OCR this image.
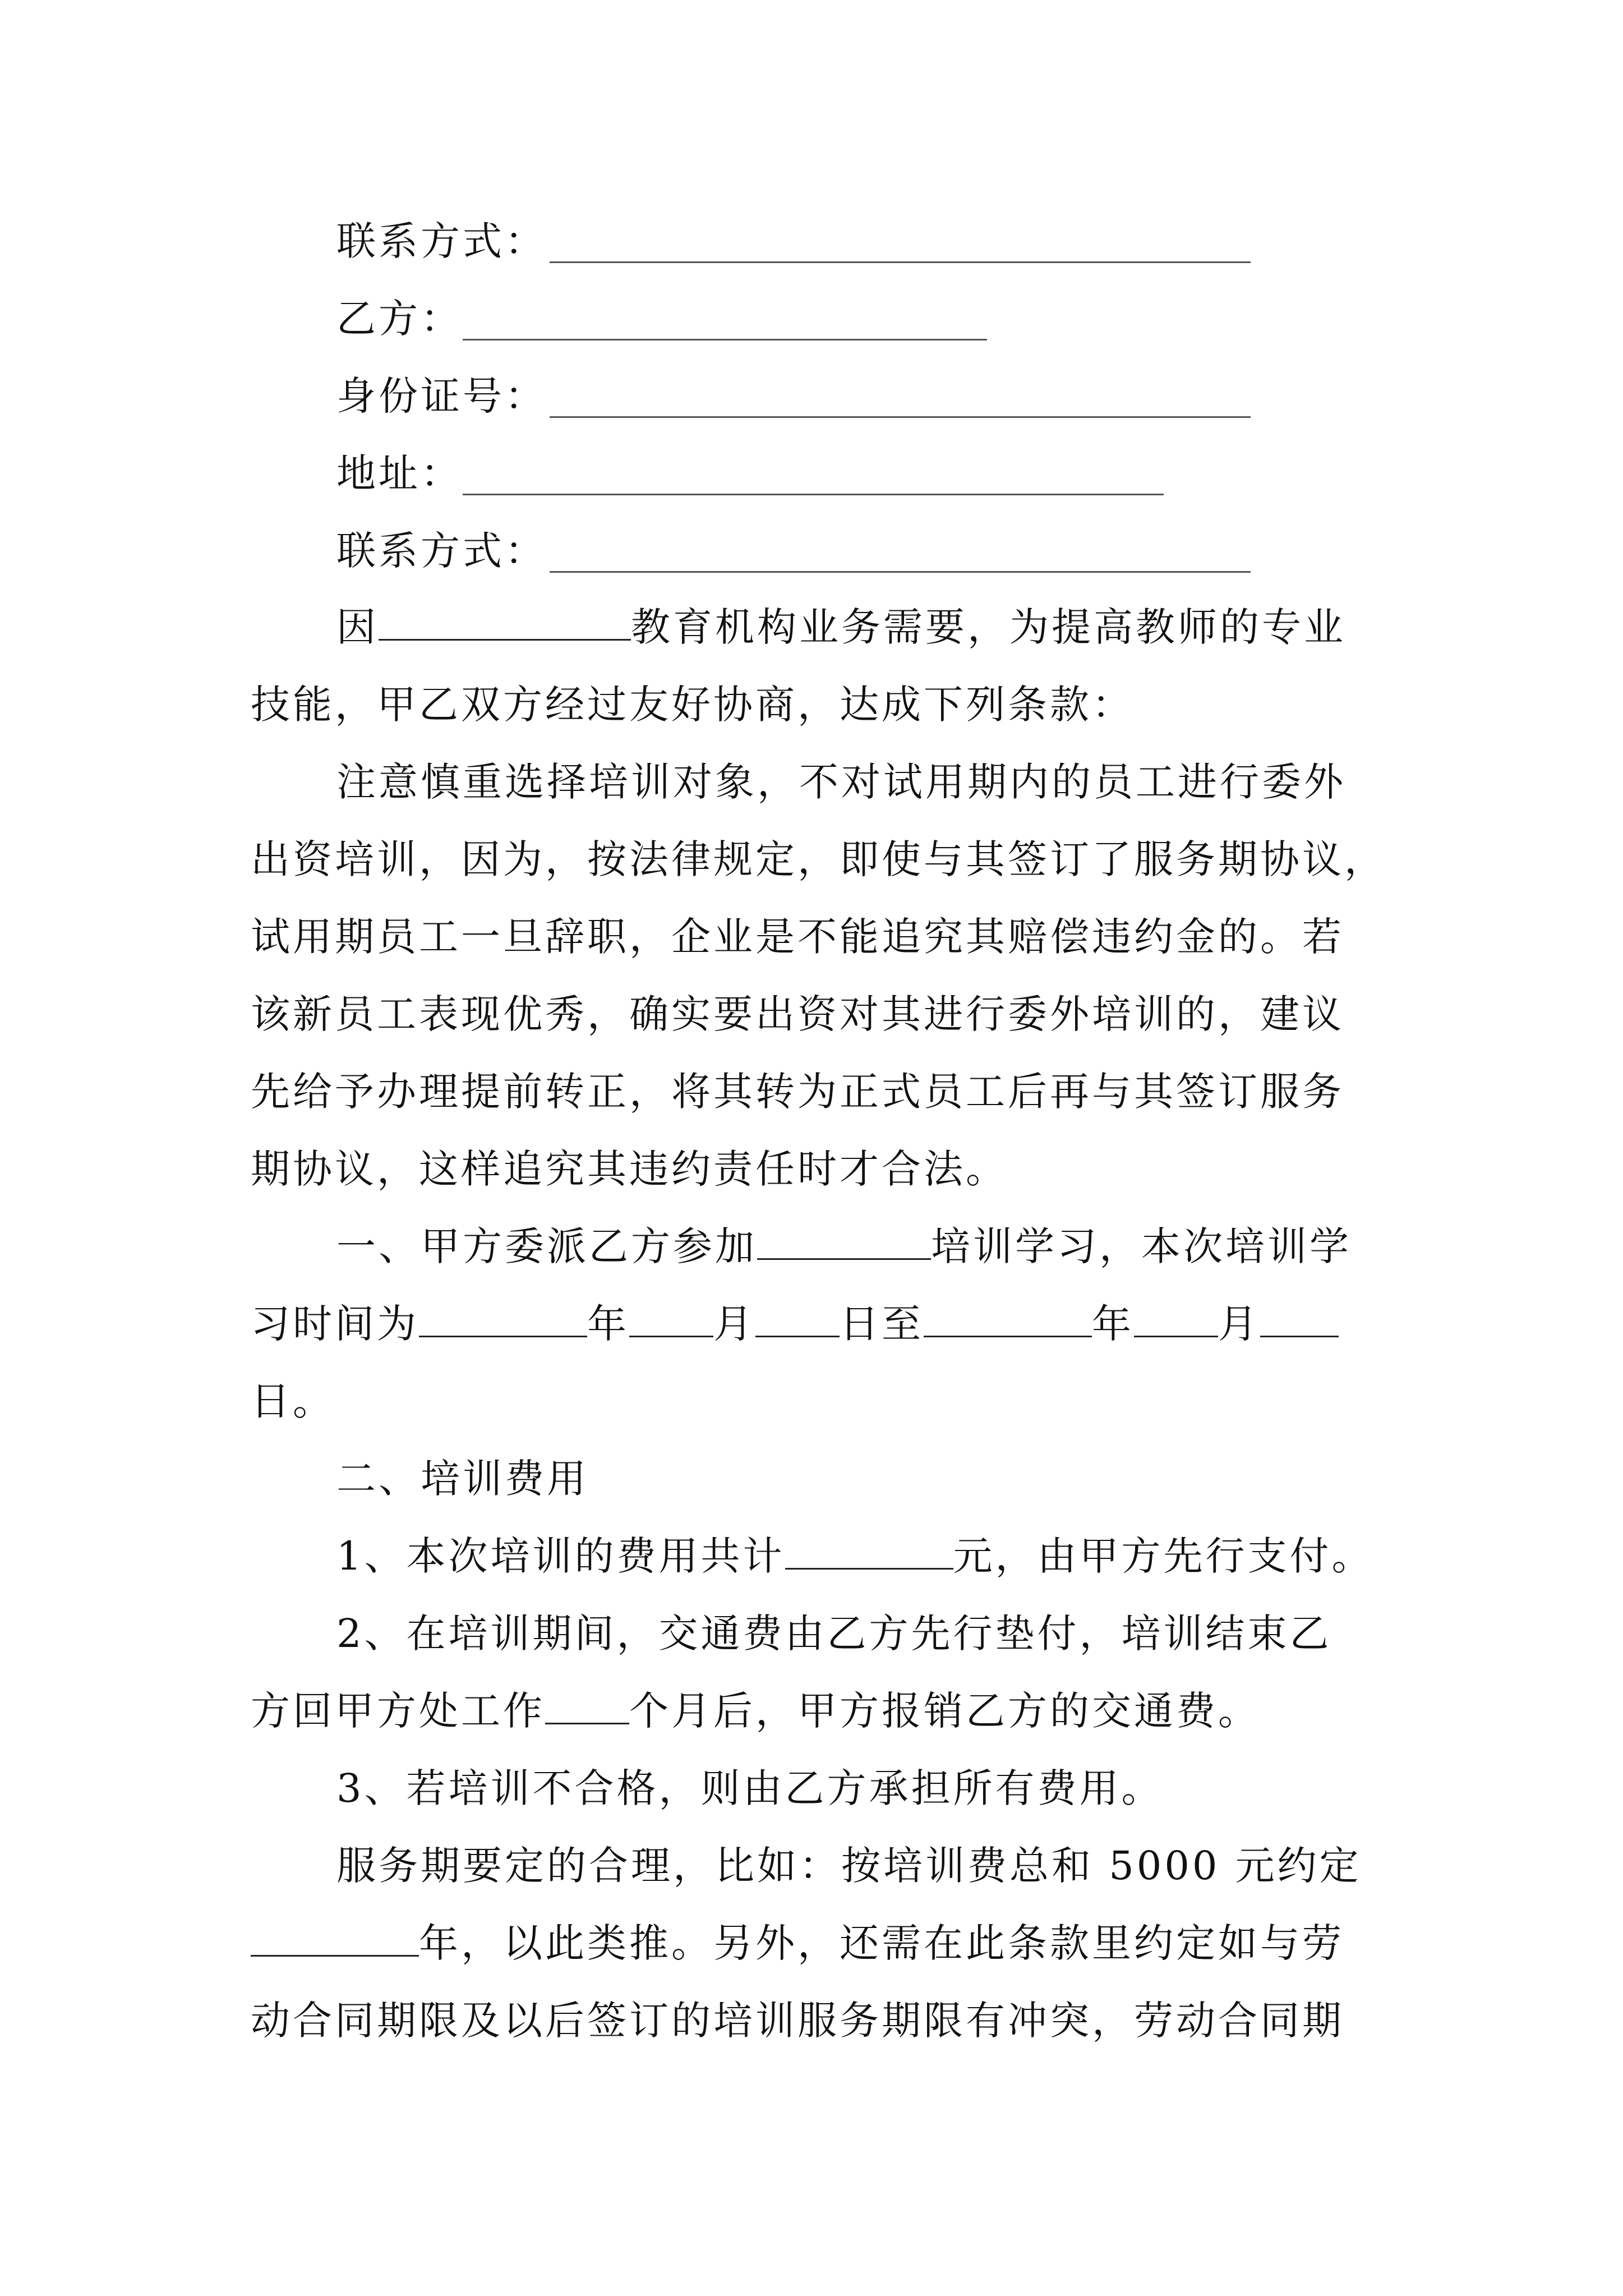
联系方式：
乙方：
身份证号：
地址：
联系方式：
因	教育机构业务需要，为提高教师的专业
技能，甲乙双方经过友好协商，达成下列条款：
注意慎重选择培训对象，不对试用期内的员工进行委外
出资培训，因为，按法律规定，即使与其签订了服务期协议，
试用期员工一旦辞职，企业是不能追究其赔偿违约金的。若
该新员工表现优秀，确实要出资对其进行委外培训的，建议
先给予办理提前转正，将其转为正式员工后再与其签订服务
期协议，这样追究其违约责任时才合法。
一、甲方委派乙方参加	培训学习，本次培训学
习时间为	年 月 日至	年 月
日。
二、培训费用
1、本次培训的费用共计	元，由甲方先行支付。
2、在培训期间，交通费由乙方先行垫付，培训结束乙
方回甲方处工作 个月后，甲方报销乙方的交通费。
3、若培训不合格，则由乙方承担所有费用。
服务期要定的合理，比如：按培训费总和 5000 元约定
年，以此类推。另外，还需在此条款里约定如与劳
动合同期限及以后签订的培训服务期限有冲突，劳动合同期
